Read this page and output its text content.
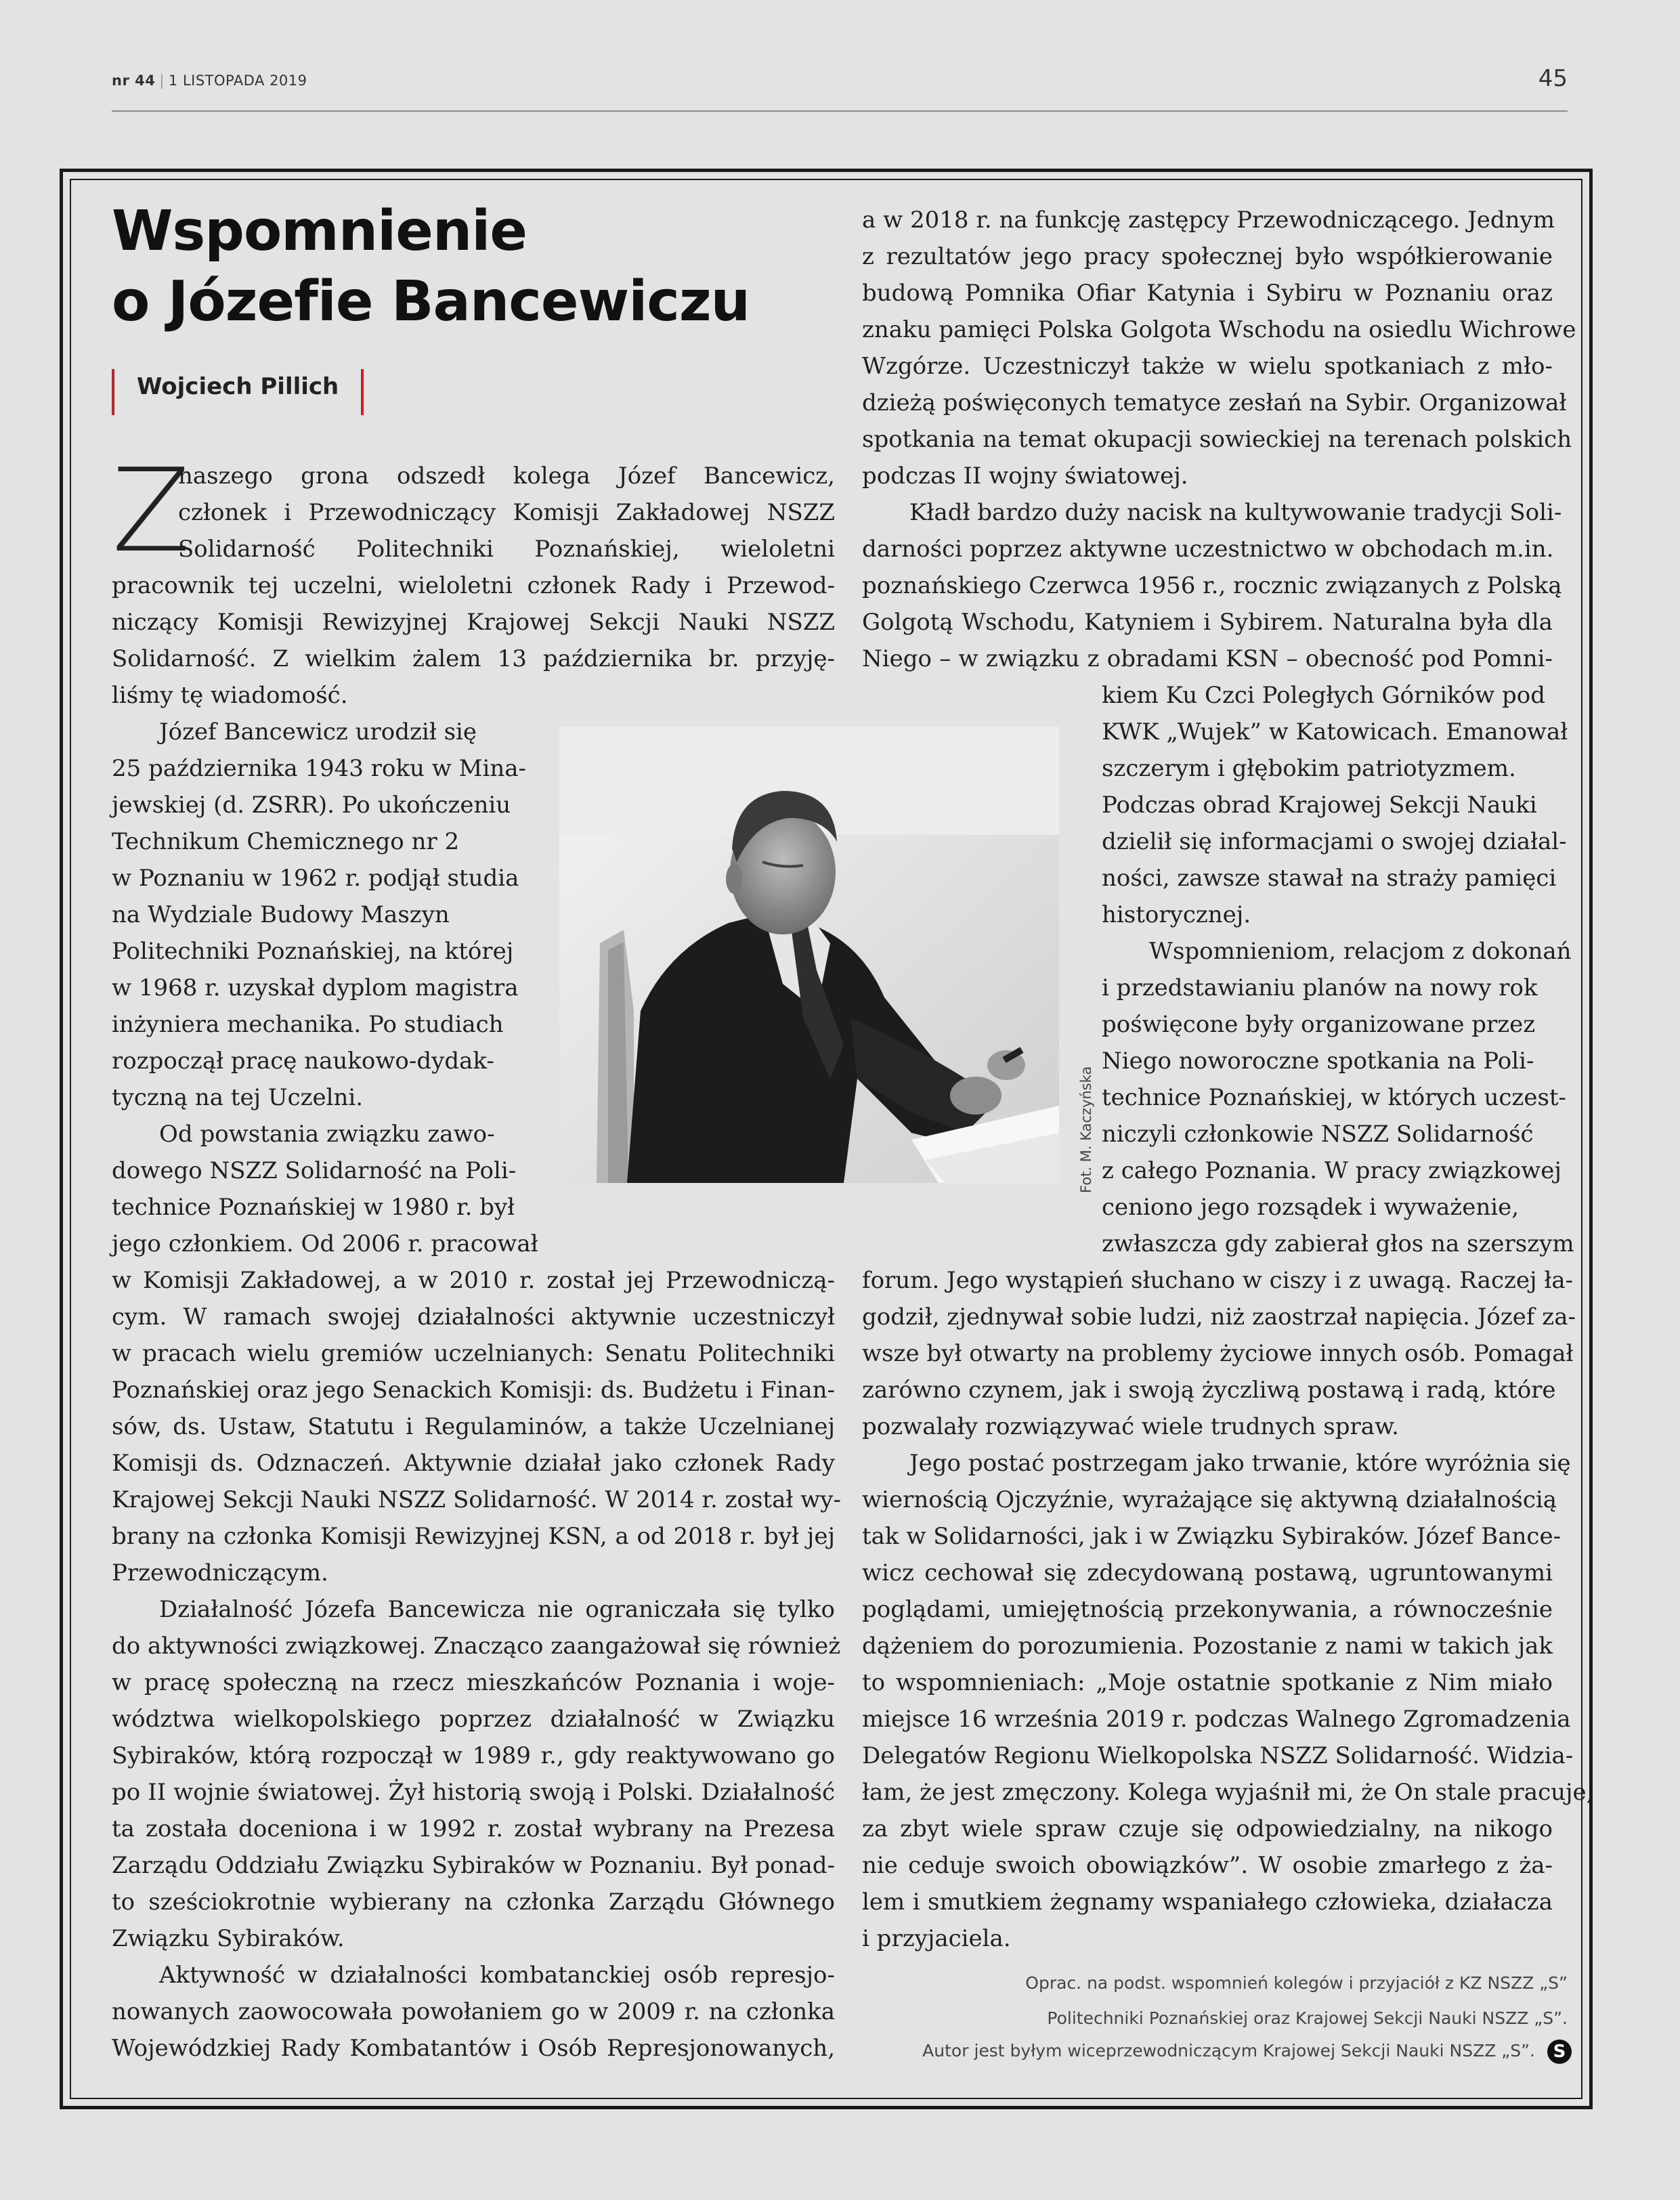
nr 44 | 1 LISTOPADA 2019	45
Wspomnienie
o Józefie Bancewiczu
Wojciech Pillich
Z
naszego grona odszedł kolega Józef Bancewicz,
członek i Przewodniczący Komisji Zakładowej NSZZ
Solidarność Politechniki Poznańskiej, wieloletni
pracownik tej uczelni, wieloletni członek Rady i Przewod-
niczący Komisji Rewizyjnej Krajowej Sekcji Nauki NSZZ
Solidarność. Z wielkim żalem 13 października br. przyję-
liśmy tę wiadomość.
Józef Bancewicz urodził się
25 października 1943 roku w Mina-
jewskiej (d. ZSRR). Po ukończeniu
Technikum Chemicznego nr 2
w Poznaniu w 1962 r. podjął studia
na Wydziale Budowy Maszyn
Politechniki Poznańskiej, na której
w 1968 r. uzyskał dyplom magistra
inżyniera mechanika. Po studiach
rozpoczął pracę naukowo-dydak-
tyczną na tej Uczelni.
Od powstania związku zawo-
dowego NSZZ Solidarność na Poli-
technice Poznańskiej w 1980 r. był
jego członkiem. Od 2006 r. pracował
w Komisji Zakładowej, a w 2010 r. został jej Przewodniczą-
cym. W ramach swojej działalności aktywnie uczestniczył
w pracach wielu gremiów uczelnianych: Senatu Politechniki
Poznańskiej oraz jego Senackich Komisji: ds. Budżetu i Finan-
sów, ds. Ustaw, Statutu i Regulaminów, a także Uczelnianej
Komisji ds. Odznaczeń. Aktywnie działał jako członek Rady
Krajowej Sekcji Nauki NSZZ Solidarność. W 2014 r. został wy-
brany na członka Komisji Rewizyjnej KSN, a od 2018 r. był jej
Przewodniczącym.
Działalność Józefa Bancewicza nie ograniczała się tylko
do aktywności związkowej. Znacząco zaangażował się również
w pracę społeczną na rzecz mieszkańców Poznania i woje-
wództwa wielkopolskiego poprzez działalność w Związku
Sybiraków, którą rozpoczął w 1989 r., gdy reaktywowano go
po II wojnie światowej. Żył historią swoją i Polski. Działalność
ta została doceniona i w 1992 r. został wybrany na Prezesa
Zarządu Oddziału Związku Sybiraków w Poznaniu. Był ponad-
to sześciokrotnie wybierany na członka Zarządu Głównego
Związku Sybiraków.
Aktywność w działalności kombatanckiej osób represjo-
nowanych zaowocowała powołaniem go w 2009 r. na członka
Wojewódzkiej Rady Kombatantów i Osób Represjonowanych,
Fot. M. Kaczyńska
a w 2018 r. na funkcję zastępcy Przewodniczącego. Jednym
z rezultatów jego pracy społecznej było współkierowanie
budową Pomnika Ofiar Katynia i Sybiru w Poznaniu oraz
znaku pamięci Polska Golgota Wschodu na osiedlu Wichrowe
Wzgórze. Uczestniczył także w wielu spotkaniach z mło-
dzieżą poświęconych tematyce zesłań na Sybir. Organizował
spotkania na temat okupacji sowieckiej na terenach polskich
podczas II wojny światowej.
Kładł bardzo duży nacisk na kultywowanie tradycji Soli-
darności poprzez aktywne uczestnictwo w obchodach m.in.
poznańskiego Czerwca 1956 r., rocznic związanych z Polską
Golgotą Wschodu, Katyniem i Sybirem. Naturalna była dla
Niego – w związku z obradami KSN – obecność pod Pomni-
kiem Ku Czci Poległych Górników pod
KWK „Wujek” w Katowicach. Emanował
szczerym i głębokim patriotyzmem.
Podczas obrad Krajowej Sekcji Nauki
dzielił się informacjami o swojej działal-
ności, zawsze stawał na straży pamięci
historycznej.
Wspomnieniom, relacjom z dokonań
i przedstawianiu planów na nowy rok
poświęcone były organizowane przez
Niego noworoczne spotkania na Poli-
technice Poznańskiej, w których uczest-
niczyli członkowie NSZZ Solidarność
z całego Poznania. W pracy związkowej
ceniono jego rozsądek i wyważenie,
zwłaszcza gdy zabierał głos na szerszym
forum. Jego wystąpień słuchano w ciszy i z uwagą. Raczej ła-
godził, zjednywał sobie ludzi, niż zaostrzał napięcia. Józef za-
wsze był otwarty na problemy życiowe innych osób. Pomagał
zarówno czynem, jak i swoją życzliwą postawą i radą, które
pozwalały rozwiązywać wiele trudnych spraw.
Jego postać postrzegam jako trwanie, które wyróżnia się
wiernością Ojczyźnie, wyrażające się aktywną działalnością
tak w Solidarności, jak i w Związku Sybiraków. Józef Bance-
wicz cechował się zdecydowaną postawą, ugruntowanymi
poglądami, umiejętnością przekonywania, a równocześnie
dążeniem do porozumienia. Pozostanie z nami w takich jak
to wspomnieniach: „Moje ostatnie spotkanie z Nim miało
miejsce 16 września 2019 r. podczas Walnego Zgromadzenia
Delegatów Regionu Wielkopolska NSZZ Solidarność. Widzia-
łam, że jest zmęczony. Kolega wyjaśnił mi, że On stale pracuje,
za zbyt wiele spraw czuje się odpowiedzialny, na nikogo
nie ceduje swoich obowiązków”. W osobie zmarłego z ża-
lem i smutkiem żegnamy wspaniałego człowieka, działacza
i przyjaciela.
Oprac. na podst. wspomnień kolegów i przyjaciół z KZ NSZZ „S”
Politechniki Poznańskiej oraz Krajowej Sekcji Nauki NSZZ „S”.
Autor jest byłym wiceprzewodniczącym Krajowej Sekcji Nauki NSZZ „S”. S
